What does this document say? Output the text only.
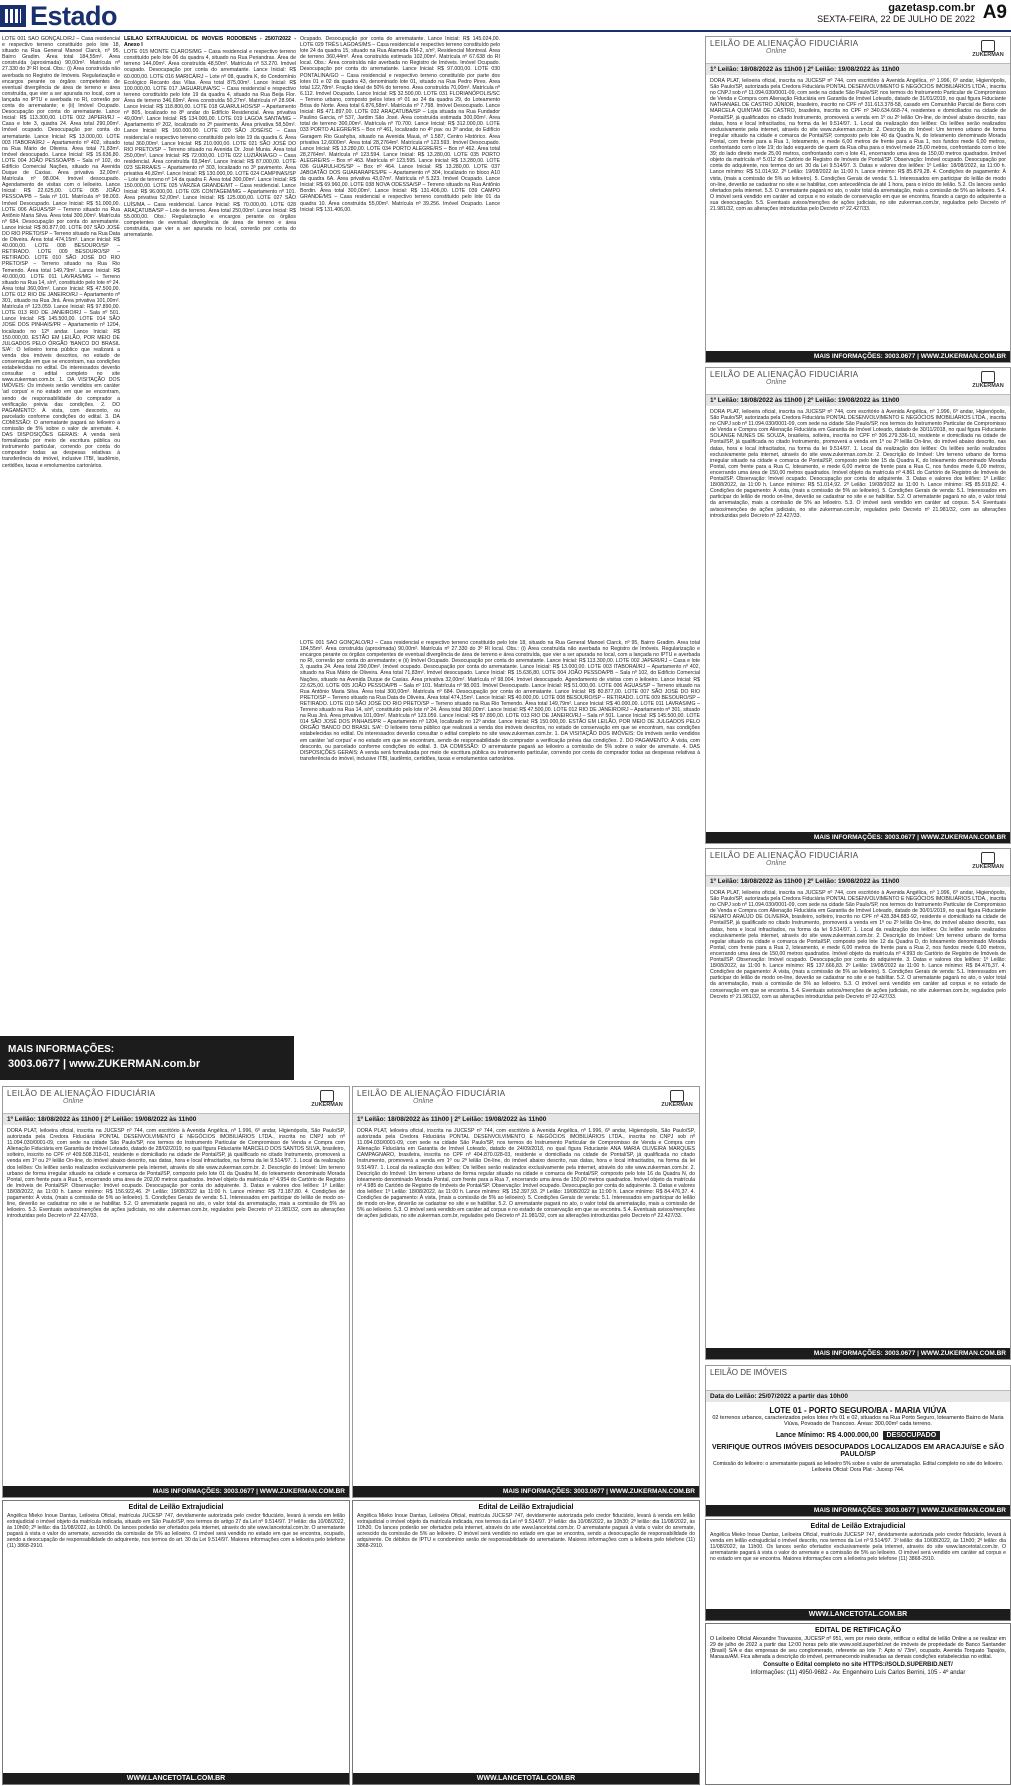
Estado	gazetasp.com.br
SEXTA-FEIRA, 22 DE JULHO DE 2022 A9

LOTE 001 SÃO GONÇALO/RJ – Casa residencial e respectivo terreno constituído pelo lote 18, situado na Rua General Manoel Clarck, nº 95, Bairro Gradim. Área total 184,55m². Área construída (aproximada) 90,00m². Matrícula nº 27.330 do 3º RI local. Obs.: (i) Área construída não averbada no Registro de Imóveis. Regularização e encargos perante os órgãos competentes de eventual divergência de área de terreno e área construída, que vier a ser apurada no local, com a lançada no IPTU e averbada no RI, correrão por conta do arrematante; e (ii) Imóvel Ocupado. Desocupação por conta do arrematante. Lance Inicial: R$ 113.300,00. LOTE 002 JAPERI/RJ – Casa e lote 3, quadra 24. Área total 290,00m². Imóvel ocupado. Desocupação por conta do arrematante. Lance Inicial: R$ 13.000,00. LOTE 003 ITABORAÍ/RJ – Apartamento nº 402, situado na Rua Mário de Oliveira. Área total 71,83m². Imóvel desocupado. Lance Inicial: R$ 15.636,80. LOTE 004 JOÃO PESSOA/PB – Sala nº 102, do Edifício Comercial Nações, situado na Avenida Duque de Caxias. Área privativa 32,00m². Matrícula nº 98.004. Imóvel desocupado. Agendamento de visitas com o leiloeiro. Lance Inicial: R$ 22.625,00. LOTE 005 JOÃO PESSOA/PB – Sala nº 101. Matrícula nº 98.003. Imóvel Desocupado. Lance Inicial: R$ 51.000,00. LOTE 006 ÁGUAS/SP – Terreno situado na Rua Antônio Maria Silva. Área total 300,00m². Matrícula nº 684. Desocupação por conta do arrematante. Lance Inicial: R$ 80.877,00. LOTE 007 SÃO JOSÉ DO RIO PRETO/SP – Terreno situado na Rua Data de Oliveira. Área total 474,15m². Lance Inicial: R$ 40.000,00. LOTE 008 BESOURO/SP – RETIRADO. LOTE 009 BESOURO/SP – RETIRADO. LOTE 010 SÃO JOSÉ DO RIO PRETO/SP – Terreno situado na Rua Rio Temendo. Área total 149,79m². Lance Inicial: R$ 40.000,00. LOTE 011 LAVRAS/MG – Terreno situado na Rua 14, s/nº, constituído pelo lote nº 24. Área total 360,00m². Lance Inicial: R$ 47.500,00. LOTE 012 RIO DE JANEIRO/RJ – Apartamento nº 301, situado na Rua Jirá. Área privativa 101,00m². Matrícula nº 123.059. Lance Inicial: R$ 97.890,00. LOTE 013 RIO DE JANEIRO/RJ – Sala nº 501. Lance Inicial: R$ 145.500,00. LOTE 014 SÃO JOSÉ DOS PINHAIS/PR – Apartamento nº 1204, localizado no 12º andar. Lance Inicial: R$ 150.000,00. ESTÃO EM LEILÃO, POR MEIO DE JULGADOS PELO ÓRGÃO 'BANCO DO BRASIL S/A': O leiloeiro torna público que realizará a venda dos imóveis descritos, no estado de conservação em que se encontram, nas condições estabelecidas no edital. Os interessados deverão consultar o edital completo no site www.zukerman.com.br. 1. DA VISITAÇÃO DOS IMÓVEIS: Os imóveis serão vendidos em caráter 'ad corpus' e no estado em que se encontram, sendo de responsabilidade do comprador a verificação prévia das condições. 2. DO PAGAMENTO: À vista, com desconto, ou parcelado conforme condições do edital. 3. DA COMISSÃO: O arrematante pagará ao leiloeiro a comissão de 5% sobre o valor de arremate. 4. DAS DISPOSIÇÕES GERAIS: A venda será formalizada por meio de escritura pública ou instrumento particular, correndo por conta do comprador todas as despesas relativas à transferência do imóvel, inclusive ITBI, laudêmio, certidões, taxas e emolumentos cartorários.

LEILÃO EXTRAJUDICIAL DE IMÓVEIS RODOBENS - 25/07/2022 - Anexo I

LOTE 015 MONTE CLAROS/MG – Casa residencial e respectivo terreno constituído pelo lote 06 da quadra 4, situado na Rua Periandras. Área de terreno 144,00m². Área construída 48,50m². Matrícula nº 53.270. Imóvel ocupado. Desocupação por conta do arrematante. Lance Inicial: R$ 60.000,00. LOTE 016 MARICÁ/RJ – Lote nº 08, quadra K, do Condomínio Ecológico Recanto das Vilas. Área total 875,00m². Lance Inicial: R$ 100.000,00. LOTE 017 JAGUARUNA/SC – Casa residencial e respectivo terreno constituído pelo lote 19 da quadra 4, situado na Rua Beija Flor. Área de terreno 346,69m². Área construída 50,27m². Matrícula nº 28.904. Lance Inicial: R$ 118.800,00. LOTE 018 GUARULHOS/SP – Apartamento nº 805, localizado no 8º andar do Edifício Residencial. Área privativa 49,00m². Lance Inicial: R$ 134.000,00. LOTE 019 LAGOA SANTA/MG – Apartamento nº 202, localizado no 2º pavimento. Área privativa 58,50m². Lance Inicial: R$ 160.000,00. LOTE 020 SÃO JOSÉ/SC – Casa residencial e respectivo terreno constituído pelo lote 19 da quadra 6. Área total 360,00m². Lance Inicial: R$ 210.000,00. LOTE 021 SÃO JOSÉ DO RIO PRETO/SP – Terreno situado na Avenida Dr. José Munia. Área total 250,00m². Lance Inicial: R$ 72.000,00. LOTE 022 LUZIÂNIA/GO – Casa residencial. Área construída 69,94m². Lance Inicial: R$ 87.000,00. LOTE 023 SERRA/ES – Apartamento nº 303, localizado no 3º pavimento. Área privativa 46,82m². Lance Inicial: R$ 130.000,00. LOTE 024 CAMPINAS/SP – Lote de terreno nº 14 da quadra F. Área total 300,00m². Lance Inicial: R$ 150.000,00. LOTE 025 VÁRZEA GRANDE/MT – Casa residencial. Lance Inicial: R$ 96.000,00. LOTE 026 CONTAGEM/MG – Apartamento nº 101. Área privativa 52,00m². Lance Inicial: R$ 125.000,00. LOTE 027 SÃO LUÍS/MA – Casa residencial. Lance Inicial: R$ 70.000,00. LOTE 028 ARAÇATUBA/SP – Lote de terreno. Área total 250,00m². Lance Inicial: R$ 55.000,00. Obs.: Regularização e encargos perante os órgãos competentes de eventual divergência de área de terreno e área construída, que vier a ser apurada no local, correrão por conta do arrematante.

Ocupado. Desocupação por conta do arrematante. Lance Inicial: R$ 145.024,00. LOTE 029 TRÊS LAGOAS/MS – Casa residencial e respectivo terreno constituído pelo lote 24 da quadra 15, situado na Rua Alameda RM-2, s/nº, Residencial Montreal. Área de terreno 360,44m². Área construída estimada 102,00m². Matrícula nº 67.638 do RI local. Obs.: Área construída não averbada no Registro de Imóveis. Imóvel Ocupado. Desocupação por conta do arrematante. Lance Inicial: R$ 97.000,00. LOTE 030 PONTALINA/GO – Casa residencial e respectivo terreno constituído por parte dos lotes 01 e 02 da quadra 43, denominado lote 01, situado na Rua Pedro Pires. Área total 122,78m². Fração ideal de 50% do terreno. Área construída 70,00m². Matrícula nº 6.112. Imóvel Ocupado. Lance Inicial: R$ 32.500,00. LOTE 031 FLORIANÓPOLIS/SC – Terreno urbano, composto pelos lotes nº 01 ao 24 da quadra 29, do Loteamento Brisa do Norte. Área total 6.876,58m². Matrícula nº 7.798. Imóvel Desocupado. Lance Inicial: R$ 471.897,00. LOTE 032 ARAÇATUBA/SP – Loja situada na Rua Fundador Paulino Garcia, nº 537, Jardim São José. Área construída estimada 300,00m². Área total de terreno 300,00m². Matrícula nº 70.700. Lance Inicial: R$ 312.000,00. LOTE 033 PORTO ALEGRE/RS – Box nº 461, localizado no 4º pav. ou 3º andar, do Edifício Garagem Rio Guahyba, situado na Avenida Mauá, nº 1.587, Centro Histórico. Área privativa 12,6000m². Área total 28,2764m². Matrícula nº 123.593. Imóvel Desocupado. Lance Inicial: R$ 13.280,00. LOTE 034 PORTO ALEGRE/RS – Box nº 462. Área total 28,2764m². Matrícula nº 123.594. Lance Inicial: R$ 13.280,00. LOTE 035 PORTO ALEGRE/RS – Box nº 463. Matrícula nº 123.595. Lance Inicial: R$ 13.280,00. LOTE 036 GUARULHOS/SP – Box nº 464. Lance Inicial: R$ 13.280,00. LOTE 037 JABOATÃO DOS GUARARAPES/PE – Apartamento nº 304, localizado no bloco A10 da quadra 6A. Área privativa 43,07m². Matrícula nº 5.323. Imóvel Ocupado. Lance Inicial: R$ 69.960,00. LOTE 038 NOVA ODESSA/SP – Terreno situado na Rua Antônio Bordin. Área total 300,00m². Lance Inicial: R$ 131.406,00. LOTE 039 CAMPO GRANDE/MS – Casa residencial e respectivo terreno constituído pelo lote 01 da quadra 10. Área construída 55,00m². Matrícula nº 39.256. Imóvel Ocupado. Lance Inicial: R$ 131.406,00.

LOTE 001 SÃO GONÇALO/RJ – Casa residencial e respectivo terreno constituído pelo lote 18, situado na Rua General Manoel Clarck, nº 95, Bairro Gradim. Área total 184,55m². Área construída (aproximada) 90,00m². Matrícula nº 27.330 do 3º RI local. Obs.: (i) Área construída não averbada no Registro de Imóveis. Regularização e encargos perante os órgãos competentes de eventual divergência de área de terreno e área construída, que vier a ser apurada no local, com a lançada no IPTU e averbada no RI, correrão por conta do arrematante; e (ii) Imóvel Ocupado. Desocupação por conta do arrematante. Lance Inicial: R$ 113.300,00. LOTE 002 JAPERI/RJ – Casa e lote 3, quadra 24. Área total 290,00m². Imóvel ocupado. Desocupação por conta do arrematante. Lance Inicial: R$ 13.000,00. LOTE 003 ITABORAÍ/RJ – Apartamento nº 402, situado na Rua Mário de Oliveira. Área total 71,83m². Imóvel desocupado. Lance Inicial: R$ 15.636,80. LOTE 004 JOÃO PESSOA/PB – Sala nº 102, do Edifício Comercial Nações, situado na Avenida Duque de Caxias. Área privativa 32,00m². Matrícula nº 98.004. Imóvel desocupado. Agendamento de visitas com o leiloeiro. Lance Inicial: R$ 22.625,00. LOTE 005 JOÃO PESSOA/PB – Sala nº 101. Matrícula nº 98.003. Imóvel Desocupado. Lance Inicial: R$ 51.000,00. LOTE 006 ÁGUAS/SP – Terreno situado na Rua Antônio Maria Silva. Área total 300,00m². Matrícula nº 684. Desocupação por conta do arrematante. Lance Inicial: R$ 80.877,00. LOTE 007 SÃO JOSÉ DO RIO PRETO/SP – Terreno situado na Rua Data de Oliveira. Área total 474,15m². Lance Inicial: R$ 40.000,00. LOTE 008 BESOURO/SP – RETIRADO. LOTE 009 BESOURO/SP – RETIRADO. LOTE 010 SÃO JOSÉ DO RIO PRETO/SP – Terreno situado na Rua Rio Temendo. Área total 149,79m². Lance Inicial: R$ 40.000,00. LOTE 011 LAVRAS/MG – Terreno situado na Rua 14, s/nº, constituído pelo lote nº 24. Área total 360,00m². Lance Inicial: R$ 47.500,00. LOTE 012 RIO DE JANEIRO/RJ – Apartamento nº 301, situado na Rua Jirá. Área privativa 101,00m². Matrícula nº 123.059. Lance Inicial: R$ 97.890,00. LOTE 013 RIO DE JANEIRO/RJ – Sala nº 501. Lance Inicial: R$ 145.500,00. LOTE 014 SÃO JOSÉ DOS PINHAIS/PR – Apartamento nº 1204, localizado no 12º andar. Lance Inicial: R$ 150.000,00. ESTÃO EM LEILÃO, POR MEIO DE JULGADOS PELO ÓRGÃO 'BANCO DO BRASIL S/A': O leiloeiro torna público que realizará a venda dos imóveis descritos, no estado de conservação em que se encontram, nas condições estabelecidas no edital. Os interessados deverão consultar o edital completo no site www.zukerman.com.br. 1. DA VISITAÇÃO DOS IMÓVEIS: Os imóveis serão vendidos em caráter 'ad corpus' e no estado em que se encontram, sendo de responsabilidade do comprador a verificação prévia das condições. 2. DO PAGAMENTO: À vista, com desconto, ou parcelado conforme condições do edital. 3. DA COMISSÃO: O arrematante pagará ao leiloeiro a comissão de 5% sobre o valor de arremate. 4. DAS DISPOSIÇÕES GERAIS: A venda será formalizada por meio de escritura pública ou instrumento particular, correndo por conta do comprador todas as despesas relativas à transferência do imóvel, inclusive ITBI, laudêmio, certidões, taxas e emolumentos cartorários.

MAIS INFORMAÇÕES:
3003.0677 | www.ZUKERMAN.com.br
LEILÃO DE ALIENAÇÃO FIDUCIÁRIA
Online	ZUKERMAN
1º Leilão: 18/08/2022 às 11h00 | 2º Leilão: 19/08/2022 às 11h00
DORA PLAT, leiloeira oficial, inscrita na JUCESP nº 744, com escritório à Avenida Angélica, nº 1.996, 6º andar, Higienópolis, São Paulo/SP, autorizada pela Credora Fiduciária PONTAL DESENVOLVIMENTO E NEGÓCIOS IMOBILIÁRIOS LTDA., inscrita no CNPJ sob nº 11.094.030/0001-09, com sede na cidade São Paulo/SP, nos termos do Instrumento Particular de Compromisso de Venda e Compra com Alienação Fiduciária em Garantia de Imóvel Loteado, datado de 31/01/2019, no qual figura Fiduciante NATHANAEL DE CASTRO JÚNIOR, brasileiro, inscrito no CPF nº 311.613.378-58, casado em Comunhão Parcial de Bens com MARCELA QUINTAM DE CASTRO, brasileira, inscrita no CPF nº 340.634.668-74, residentes e domiciliados na cidade de Pontal/SP, já qualificados no citado Instrumento, promoverá a venda em 1º ou 2º leilão On-line, do imóvel abaixo descrito, nas datas, hora e local infracitados, na forma da lei 9.514/97. 1. Local da realização dos leilões: Os leilões serão realizados exclusivamente pela internet, através do site www.zukerman.com.br. 2. Descrição do Imóvel: Um terreno urbano de forma irregular situado na cidade e comarca de Pontal/SP, composto pelo lote 40 da Quadra N, do loteamento denominado Morada Pontal, com frente para a Rua 1, loteamento, e mede 6,00 metros de frente para a Rua 1, nos fundos mede 6,00 metros, confrontando com o lote 19; do lado esquerdo de quem da Rua olha para o imóvel mede 25,00 metros, confrontando com o lote 39; do lado direito mede 25,00 metros, confrontando com o lote 41, encerrando uma área de 150,00 metros quadrados. Imóvel objeto da matrícula nº 5.012 do Cartório de Registro de Imóveis de Pontal/SP. Observação: Imóvel ocupado. Desocupação por conta do adquirente, nos termos do art. 30 da Lei 9.514/97. 3. Datas e valores dos leilões: 1º Leilão: 18/08/2022, às 11:00 h. Lance mínimo: R$ 51.014,92. 2º Leilão: 19/08/2022 às 11:00 h. Lance mínimo: R$ 85.879,28. 4. Condições de pagamento: À vista, (mais a comissão de 5% ao leiloeiro). 5. Condições Gerais de venda: 5.1. Interessados em participar do leilão de modo on-line, deverão se cadastrar no site e se habilitar, com antecedência de até 1 hora, para o início do leilão. 5.2. Os lances serão ofertados pela internet. 5.3. O arrematante pagará no ato, o valor total da arrematação, mais a comissão de 5% ao leiloeiro. 5.4. O imóvel será vendido em caráter ad corpus e no estado de conservação em que se encontra, ficando a cargo do adquirente a sua desocupação. 5.5. Eventuais avisos/menções de ações judiciais, no site zukerman.com.br, regulados pelo Decreto nº 21.981/32, com as alterações introduzidas pelo Decreto nº 22.427/33.
MAIS INFORMAÇÕES: 3003.0677 | WWW.ZUKERMAN.COM.BR
LEILÃO DE ALIENAÇÃO FIDUCIÁRIA
Online	ZUKERMAN
1º Leilão: 18/08/2022 às 11h00 | 2º Leilão: 19/08/2022 às 11h00
DORA PLAT, leiloeira oficial, inscrita na JUCESP nº 744, com escritório à Avenida Angélica, nº 1.996, 6º andar, Higienópolis, São Paulo/SP, autorizada pela Credora Fiduciária PONTAL DESENVOLVIMENTO E NEGÓCIOS IMOBILIÁRIOS LTDA., inscrita no CNPJ sob nº 11.094.030/0001-09, com sede na cidade São Paulo/SP, nos termos do Instrumento Particular de Compromisso de Venda e Compra com Alienação Fiduciária em Garantia de Imóvel Loteado, datado de 30/11/2018, no qual figura Fiduciante SOLANGE NUNES DE SOUZA, brasileira, solteira, inscrita no CPF nº 306.279.336-10, residente e domiciliada na cidade de Pontal/SP, já qualificada no citado Instrumento, promoverá a venda em 1º ou 2º leilão On-line, do imóvel abaixo descrito, nas datas, hora e local infracitados, na forma da lei 9.514/97. 1. Local da realização dos leilões: Os leilões serão realizados exclusivamente pela internet, através do site www.zukerman.com.br. 2. Descrição do Imóvel: Um terreno urbano de forma irregular situado na cidade e comarca de Pontal/SP, composto pelo lote 15 da Quadra K, do loteamento denominado Morada Pontal, com frente para a Rua C, loteamento, e mede 6,00 metros de frente para a Rua C, nos fundos mede 6,00 metros, encerrando uma área de 150,00 metros quadrados. Imóvel objeto da matrícula nº 4.861 do Cartório de Registro de Imóveis de Pontal/SP. Observação: Imóvel ocupado. Desocupação por conta do adquirente. 3. Datas e valores dos leilões: 1º Leilão: 18/08/2022, às 11:00 h. Lance mínimo: R$ 51.014,92. 2º Leilão: 19/08/2022 às 11:00 h. Lance mínimo: R$ 85.919,82. 4. Condições de pagamento: À vista, (mais a comissão de 5% ao leiloeiro). 5. Condições Gerais de venda: 5.1. Interessados em participar do leilão de modo on-line, deverão se cadastrar no site e se habilitar. 5.2. O arrematante pagará no ato, o valor total da arrematação, mais a comissão de 5% ao leiloeiro. 5.3. O imóvel será vendido em caráter ad corpus. 5.4. Eventuais avisos/menções de ações judiciais, no site zukerman.com.br, regulados pelo Decreto nº 21.981/32, com as alterações introduzidas pelo Decreto nº 22.427/33.
MAIS INFORMAÇÕES: 3003.0677 | WWW.ZUKERMAN.COM.BR
LEILÃO DE ALIENAÇÃO FIDUCIÁRIA
Online	ZUKERMAN
1º Leilão: 18/08/2022 às 11h00 | 2º Leilão: 19/08/2022 às 11h00
DORA PLAT, leiloeira oficial, inscrita na JUCESP nº 744, com escritório à Avenida Angélica, nº 1.996, 6º andar, Higienópolis, São Paulo/SP, autorizada pela Credora Fiduciária PONTAL DESENVOLVIMENTO E NEGÓCIOS IMOBILIÁRIOS LTDA., inscrita no CNPJ sob nº 11.094.030/0001-09, com sede na cidade São Paulo/SP, nos termos do Instrumento Particular de Compromisso de Venda e Compra com Alienação Fiduciária em Garantia de Imóvel Loteado, datado de 30/01/2019, no qual figura Fiduciante RENATO ARAÚJO DE OLIVEIRA, brasileiro, solteiro, inscrito no CPF nº 428.384.883-92, residente e domiciliado na cidade de Pontal/SP, já qualificado no citado Instrumento, promoverá a venda em 1º ou 2º leilão On-line, do imóvel abaixo descrito, nas datas, hora e local infracitados, na forma da lei 9.514/97. 1. Local da realização dos leilões: Os leilões serão realizados exclusivamente pela internet, através do site www.zukerman.com.br. 2. Descrição do Imóvel: Um terreno urbano de forma regular situado na cidade e comarca de Pontal/SP, composto pelo lote 12 da Quadra D, do loteamento denominado Morada Pontal, com frente para a Rua 2, loteamento, e mede 6,00 metros de frente para a Rua 2, nos fundos mede 6,00 metros, encerrando uma área de 150,00 metros quadrados. Imóvel objeto da matrícula nº 4.993 do Cartório de Registro de Imóveis de Pontal/SP. Observação: Imóvel ocupado. Desocupação por conta do adquirente. 3. Datas e valores dos leilões: 1º Leilão: 18/08/2022, às 11:00 h. Lance mínimo: R$ 137.666,83. 2º Leilão: 19/08/2022 às 11:00 h. Lance mínimo: R$ 84.476,37. 4. Condições de pagamento: À vista, (mais a comissão de 5% ao leiloeiro). 5. Condições Gerais de venda: 5.1. Interessados em participar do leilão de modo on-line, deverão se cadastrar no site e se habilitar. 5.2. O arrematante pagará no ato, o valor total da arrematação, mais a comissão de 5% ao leiloeiro. 5.3. O imóvel será vendido em caráter ad corpus e no estado de conservação em que se encontra. 5.4. Eventuais avisos/menções de ações judiciais, no site zukerman.com.br, regulados pelo Decreto nº 21.981/32, com as alterações introduzidas pelo Decreto nº 22.427/33.
MAIS INFORMAÇÕES: 3003.0677 | WWW.ZUKERMAN.COM.BR
LEILÃO DE ALIENAÇÃO FIDUCIÁRIA
Online	ZUKERMAN
1º Leilão: 18/08/2022 às 11h00 | 2º Leilão: 19/08/2022 às 11h00
DORA PLAT, leiloeira oficial, inscrita na JUCESP nº 744, com escritório à Avenida Angélica, nº 1.996, 6º andar, Higienópolis, São Paulo/SP, autorizada pela Credora Fiduciária PONTAL DESENVOLVIMENTO E NEGÓCIOS IMOBILIÁRIOS LTDA., inscrita no CNPJ sob nº 11.094.030/0001-09, com sede na cidade São Paulo/SP, nos termos do Instrumento Particular de Compromisso de Venda e Compra com Alienação Fiduciária em Garantia de Imóvel Loteado, datado de 28/02/2019, no qual figura Fiduciante MARCELO DOS SANTOS SILVA, brasileiro, solteiro, inscrito no CPF nº 409.508.318-01, residente e domiciliado na cidade de Pontal/SP, já qualificado no citado Instrumento, promoverá a venda em 1º ou 2º leilão On-line, do imóvel abaixo descrito, nas datas, hora e local infracitados, na forma da lei 9.514/97. 1. Local da realização dos leilões: Os leilões serão realizados exclusivamente pela internet, através do site www.zukerman.com.br. 2. Descrição do Imóvel: Um terreno urbano de forma irregular situado na cidade e comarca de Pontal/SP, composto pelo lote 01 da Quadra M, do loteamento denominado Morada Pontal, com frente para a Rua 5, encerrando uma área de 202,00 metros quadrados. Imóvel objeto da matrícula nº 4.954 do Cartório de Registro de Imóveis de Pontal/SP. Observação: Imóvel ocupado. Desocupação por conta do adquirente. 3. Datas e valores dos leilões: 1º Leilão: 18/08/2022, às 11:00 h. Lance mínimo: R$ 156.922,46. 2º Leilão: 19/08/2022 às 11:00 h. Lance mínimo: R$ 73.187,80. 4. Condições de pagamento: À vista, (mais a comissão de 5% ao leiloeiro). 5. Condições Gerais de venda: 5.1. Interessados em participar do leilão de modo on-line, deverão se cadastrar no site e se habilitar. 5.2. O arrematante pagará no ato, o valor total da arrematação, mais a comissão de 5% ao leiloeiro. 5.3. Eventuais avisos/menções de ações judiciais, no site zukerman.com.br, regulados pelo Decreto nº 21.981/32, com as alterações introduzidas pelo Decreto nº 22.427/33.
MAIS INFORMAÇÕES: 3003.0677 | WWW.ZUKERMAN.COM.BR
LEILÃO DE ALIENAÇÃO FIDUCIÁRIA
Online	ZUKERMAN
1º Leilão: 18/08/2022 às 11h00 | 2º Leilão: 19/08/2022 às 11h00
DORA PLAT, leiloeira oficial, inscrita na JUCESP nº 744, com escritório à Avenida Angélica, nº 1.996, 6º andar, Higienópolis, São Paulo/SP, autorizada pela Credora Fiduciária PONTAL DESENVOLVIMENTO E NEGÓCIOS IMOBILIÁRIOS LTDA., inscrita no CNPJ sob nº 11.094.030/0001-09, com sede na cidade São Paulo/SP, nos termos do Instrumento Particular de Compromisso de Venda e Compra com Alienação Fiduciária em Garantia de Imóvel Loteado, datado de 24/09/2018, no qual figura Fiduciante ANA MARIA OLIVEIRA MARQUES CAMPAGNARO, brasileira, inscrita no CPF nº 404.870.028-03, residente e domiciliada na cidade de Pontal/SP, já qualificada no citado Instrumento, promoverá a venda em 1º ou 2º leilão On-line, do imóvel abaixo descrito, nas datas, hora e local infracitados, na forma da lei 9.514/97. 1. Local da realização dos leilões: Os leilões serão realizados exclusivamente pela internet, através do site www.zukerman.com.br. 2. Descrição do Imóvel: Um terreno urbano de forma regular situado na cidade e comarca de Pontal/SP, composto pelo lote 16 da Quadra N, do loteamento denominado Morada Pontal, com frente para a Rua 7, encerrando uma área de 150,00 metros quadrados. Imóvel objeto da matrícula nº 4.985 do Cartório de Registro de Imóveis de Pontal/SP. Observação: Imóvel ocupado. Desocupação por conta do adquirente. 3. Datas e valores dos leilões: 1º Leilão: 18/08/2022, às 11:00 h. Lance mínimo: R$ 152.397,93. 2º Leilão: 19/08/2022 às 11:00 h. Lance mínimo: R$ 84.476,37. 4. Condições de pagamento: À vista, (mais a comissão de 5% ao leiloeiro). 5. Condições Gerais de venda: 5.1. Interessados em participar do leilão de modo on-line, deverão se cadastrar no site e se habilitar. 5.2. O arrematante pagará no ato, o valor total da arrematação, mais a comissão de 5% ao leiloeiro. 5.3. O imóvel será vendido em caráter ad corpus e no estado de conservação em que se encontra. 5.4. Eventuais avisos/menções de ações judiciais, no site zukerman.com.br, regulados pelo Decreto nº 21.981/32, com as alterações introduzidas pelo Decreto nº 22.427/33.
MAIS INFORMAÇÕES: 3003.0677 | WWW.ZUKERMAN.COM.BR
LEILÃO DE IMÓVEIS
Data do Leilão: 25/07/2022 a partir das 10h00
LOTE 01 - PORTO SEGURO/BA - MARIA VIÚVA
02 terrenos urbanos, caracterizados pelos lotes nºs 01 e 02, situados na Rua Porto Seguro, loteamento Bairro de Maria Viúva, Povoado de Trancoso. Áreas: 300,00m² cada terreno.
Lance Mínimo: R$ 4.000.000,00 DESOCUPADO
VERIFIQUE OUTROS IMÓVEIS DESOCUPADOS LOCALIZADOS EM ARACAJU/SE e SÃO PAULO/SP
Comissão do leiloeiro: o arrematante pagará ao leiloeiro 5% sobre o valor de arrematação. Edital completo no site do leiloeiro. Leiloeira Oficial: Dora Plat - Jucesp 744.
MAIS INFORMAÇÕES: 3003.0677 | WWW.ZUKERMAN.COM.BR
Edital de Leilão Extrajudicial
Angélica Mieko Inoue Dantas, Leiloeira Oficial, matrícula JUCESP 747, devidamente autorizada pelo credor fiduciário, levará à venda em leilão extrajudicial o imóvel objeto da matrícula indicada, situado em São Paulo/SP, nos termos do artigo 27 da Lei nº 9.514/97. 1º leilão: dia 10/08/2022, às 10h00; 2º leilão: dia 11/08/2022, às 10h00. Os lances poderão ser ofertados pela internet, através do site www.lancetotal.com.br. O arrematante pagará à vista o valor do arremate, acrescido da comissão de 5% ao leiloeiro. O imóvel será vendido no estado em que se encontra, ocupado, sendo a desocupação de responsabilidade do adquirente, nos termos do art. 30 da Lei 9.514/97. Maiores informações com a leiloeira pelo telefone (11) 3868-2910.
WWW.LANCETOTAL.COM.BR
Edital de Leilão Extrajudicial
Angélica Mieko Inoue Dantas, Leiloeira Oficial, matrícula JUCESP 747, devidamente autorizada pelo credor fiduciário, levará à venda em leilão extrajudicial o imóvel objeto da matrícula indicada, nos termos da Lei nº 9.514/97. 1º leilão: dia 10/08/2022, às 10h30; 2º leilão: dia 11/08/2022, às 10h30. Os lances poderão ser ofertados pela internet, através do site www.lancetotal.com.br. O arrematante pagará à vista o valor do arremate, acrescido da comissão de 5% ao leiloeiro. O imóvel será vendido no estado em que se encontra, sendo a desocupação de responsabilidade do adquirente. Os débitos de IPTU e condomínio serão de responsabilidade do arrematante. Maiores informações com a leiloeira pelo telefone (11) 3868-2910.
WWW.LANCETOTAL.COM.BR
Edital de Leilão Extrajudicial
Angélica Mieko Inoue Dantas, Leiloeira Oficial, matrícula JUCESP 747, devidamente autorizada pelo credor fiduciário, levará à venda em leilão extrajudicial o imóvel descrito, nos termos da Lei nº 9.514/97. 1º leilão: dia 10/08/2022, às 11h00; 2º leilão: dia 11/08/2022, às 11h00. Os lances serão ofertados exclusivamente pela internet, através do site www.lancetotal.com.br. O arrematante pagará à vista o valor do arremate e a comissão de 5% ao leiloeiro. O imóvel será vendido em caráter ad corpus e no estado em que se encontra. Maiores informações com a leiloeira pelo telefone (11) 3868-2910.
WWW.LANCETOTAL.COM.BR
EDITAL DE RETIFICAÇÃO
O Leiloeiro Oficial Alexandre Travassos, JUCESP nº 951, vem por meio deste, retificar o edital de leilão Online a se realizar em 29 de julho de 2022 a partir das 12:00 horas pelo site www.sold.superbid.net de imóveis de propriedade do Banco Santander (Brasil) S/A e das empresas de seu conglomerado, referente ao lote 7: Apto n/ 73m², ocupado, Avenida Torquato Tapajós, Manaus/AM. Fica alterada a descrição do imóvel, permanecendo inalteradas as demais condições estabelecidas no edital.
Consulte o Edital completo no site HTTPS://SOLD.SUPERBID.NET/
Informações: (11) 4950-9682 - Av. Engenheiro Luís Carlos Berrini, 105 - 4º andar
